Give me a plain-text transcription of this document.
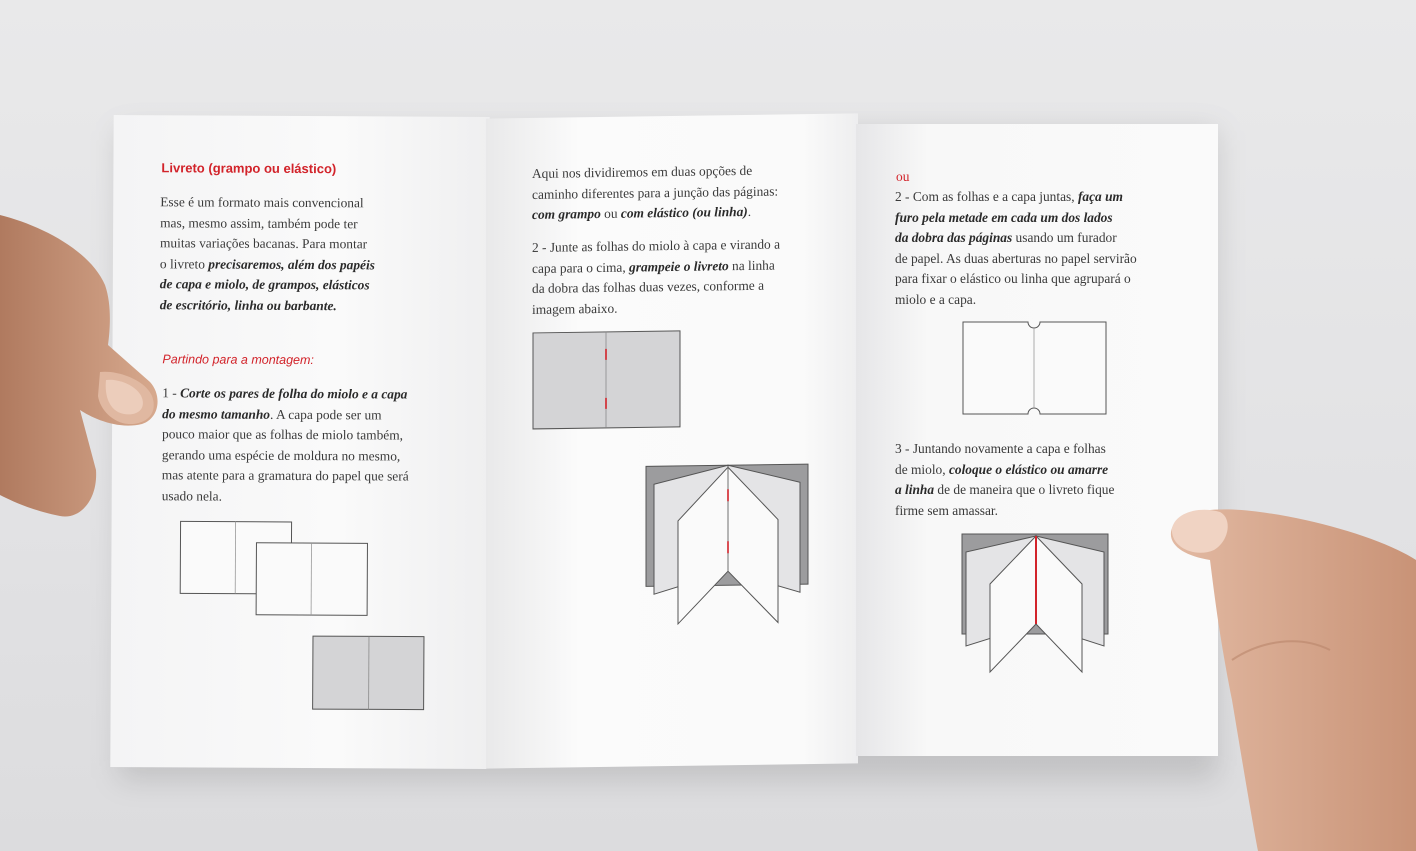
Livreto (grampo ou elástico)
Esse é um formato mais convencional
mas, mesmo assim, também pode ter
muitas variações bacanas. Para montar
o livreto precisaremos, além dos papéis
de capa e miolo, de grampos, elásticos
de escritório, linha ou barbante.
Partindo para a montagem:
1 - Corte os pares de folha do miolo e a capa
do mesmo tamanho. A capa pode ser um
pouco maior que as folhas de miolo também,
gerando uma espécie de moldura no mesmo,
mas atente para a gramatura do papel que será
usado nela.
Aqui nos dividiremos em duas opções de
caminho diferentes para a junção das páginas:
com grampo ou com elástico (ou linha).
2 - Junte as folhas do miolo à capa e virando a
capa para o cima, grampeie o livreto na linha
da dobra das folhas duas vezes, conforme a
imagem abaixo.
ou
2 - Com as folhas e a capa juntas, faça um
furo pela metade em cada um dos lados
da dobra das páginas usando um furador
de papel. As duas aberturas no papel servirão
para fixar o elástico ou linha que agrupará o
miolo e a capa.
3 - Juntando novamente a capa e folhas
de miolo, coloque o elástico ou amarre
a linha de de maneira que o livreto fique
firme sem amassar.
